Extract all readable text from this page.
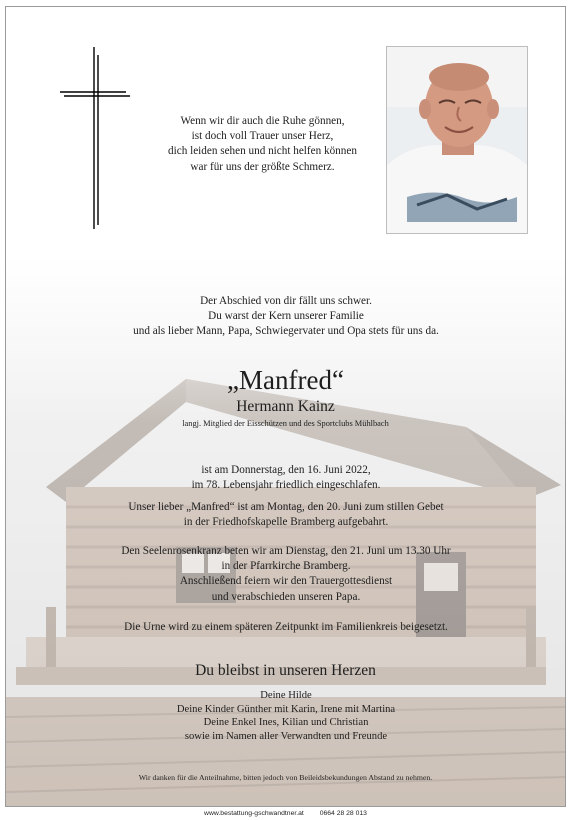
Wenn wir dir auch die Ruhe gönnen,
ist doch voll Trauer unser Herz,
dich leiden sehen und nicht helfen können
war für uns der größte Schmerz.
Der Abschied von dir fällt uns schwer.
Du warst der Kern unserer Familie
und als lieber Mann, Papa, Schwiegervater und Opa stets für uns da.
„Manfred“
Hermann Kainz
langj. Mitglied der Eisschützen und des Sportclubs Mühlbach
ist am Donnerstag, den 16. Juni 2022,
im 78. Lebensjahr friedlich eingeschlafen.
Unser lieber „Manfred“ ist am Montag, den 20. Juni zum stillen Gebet
in der Friedhofskapelle Bramberg aufgebahrt.
Den Seelenrosenkranz beten wir am Dienstag, den 21. Juni um 13.30 Uhr
in der Pfarrkirche Bramberg.
Anschließend feiern wir den Trauergottesdienst
und verabschieden unseren Papa.
Die Urne wird zu einem späteren Zeitpunkt im Familienkreis beigesetzt.
Du bleibst in unseren Herzen
Deine Hilde
Deine Kinder Günther mit Karin, Irene mit Martina
Deine Enkel Ines, Kilian und Christian
sowie im Namen aller Verwandten und Freunde
Wir danken für die Anteilnahme, bitten jedoch von Beileidsbekundungen Abstand zu nehmen.
www.bestattung-gschwandtner.at 0664 28 28 013
